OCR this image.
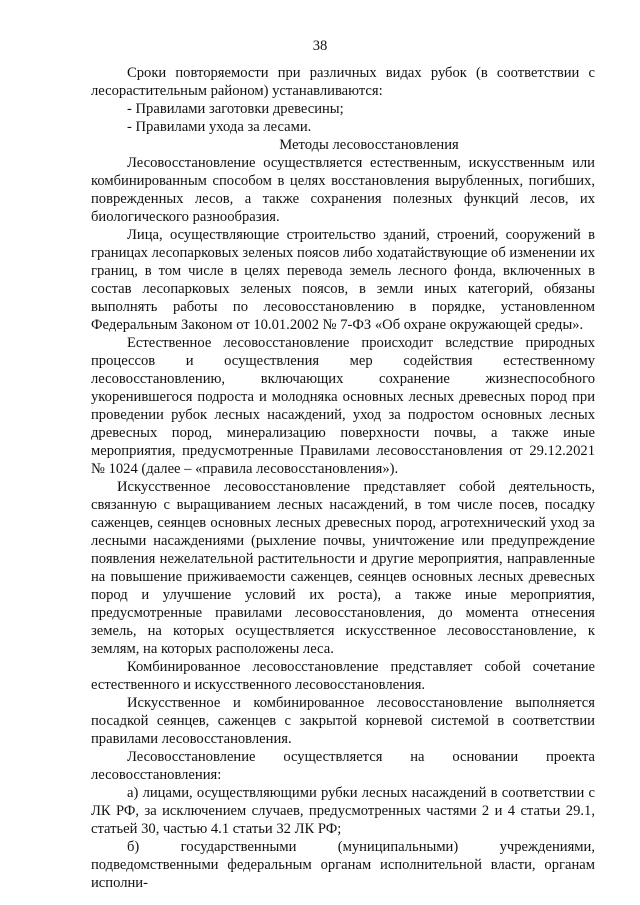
38

Сроки повторяемости при различных видах рубок (в соответствии с лесорастительным районом) устанавливаются:

- Правилами заготовки древесины;

- Правилами ухода за лесами.

Методы лесовосстановления

Лесовосстановление осуществляется естественным, искусственным или комбинированным способом в целях восстановления вырубленных, погибших, поврежденных лесов, а также сохранения полезных функций лесов, их биологического разнообразия.

Лица, осуществляющие строительство зданий, строений, сооружений в границах лесопарковых зеленых поясов либо ходатайствующие об изменении их границ, в том числе в целях перевода земель лесного фонда, включенных в состав лесопарковых зеленых поясов, в земли иных категорий, обязаны выполнять работы по лесовосстановлению в порядке, установленном Федеральным Законом от 10.01.2002 № 7-ФЗ «Об охране окружающей среды».

Естественное лесовосстановление происходит вследствие природных процессов и осуществления мер содействия естественному лесовосстановлению, включающих сохранение жизнеспособного укоренившегося подроста и молодняка основных лесных древесных пород при проведении рубок лесных насаждений, уход за подростом основных лесных древесных пород, минерализацию поверхности почвы, а также иные мероприятия, предусмотренные Правилами лесовосстановления от 29.12.2021 № 1024 (далее – «правила лесовосстановления»).

Искусственное лесовосстановление представляет собой деятельность, связанную с выращиванием лесных насаждений, в том числе посев, посадку саженцев, сеянцев основных лесных древесных пород, агротехнический уход за лесными насаждениями (рыхление почвы, уничтожение или предупреждение появления нежелательной растительности и другие мероприятия, направленные на повышение приживаемости саженцев, сеянцев основных лесных древесных пород и улучшение условий их роста), а также иные мероприятия, предусмотренные правилами лесовосстановления, до момента отнесения земель, на которых осуществляется искусственное лесовосстановление, к землям, на которых расположены леса.

Комбинированное лесовосстановление представляет собой сочетание естественного и искусственного лесовосстановления.

Искусственное и комбинированное лесовосстановление выполняется посадкой сеянцев, саженцев с закрытой корневой системой в соответствии правилами лесовосстановления.

Лесовосстановление осуществляется на основании проекта лесовосстановления:

а) лицами, осуществляющими рубки лесных насаждений в соответствии с ЛК РФ, за исключением случаев, предусмотренных частями 2 и 4 статьи 29.1, статьей 30, частью 4.1 статьи 32 ЛК РФ;

б) государственными (муниципальными) учреждениями, подведомственными федеральным органам исполнительной власти, органам исполни-
